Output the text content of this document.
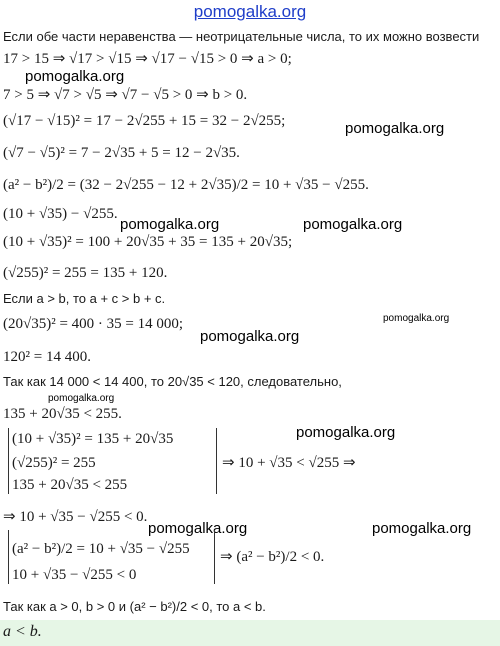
pomogalka.org
Если обе части неравенства — неотрицательные числа, то их можно возвести
17 > 15 ⇒ √17 > √15 ⇒ √17 − √15 > 0 ⇒ a > 0;
pomogalka.org
7 > 5 ⇒ √7 > √5 ⇒ √7 − √5 > 0 ⇒ b > 0.
(√17 − √15)² = 17 − 2√255 + 15 = 32 − 2√255;	pomogalka.org
(√7 − √5)² = 7 − 2√35 + 5 = 12 − 2√35.
(a² − b²)/2 = (32 − 2√255 − 12 + 2√35)/2 = 10 + √35 − √255.
(10 + √35) − √255.
pomogalka.org	pomogalka.org
(10 + √35)² = 100 + 20√35 + 35 = 135 + 20√35;
(√255)² = 255 = 135 + 120.
Если a > b, то a + c > b + c.
(20√35)² = 400 · 35 = 14 000;	pomogalka.org
pomogalka.org
120² = 14 400.
Так как 14 000 < 14 400, то 20√35 < 120, следовательно,
pomogalka.org
135 + 20√35 < 255.
(10 + √35)² = 135 + 20√35
(√255)² = 255
135 + 20√35 < 255
pomogalka.org
⇒ 10 + √35 < √255 ⇒
⇒ 10 + √35 − √255 < 0.
pomogalka.org	pomogalka.org
(a² − b²)/2 = 10 + √35 − √255
10 + √35 − √255 < 0
⇒ (a² − b²)/2 < 0.
Так как a > 0, b > 0 и (a² − b²)/2 < 0, то a < b.
a < b.
